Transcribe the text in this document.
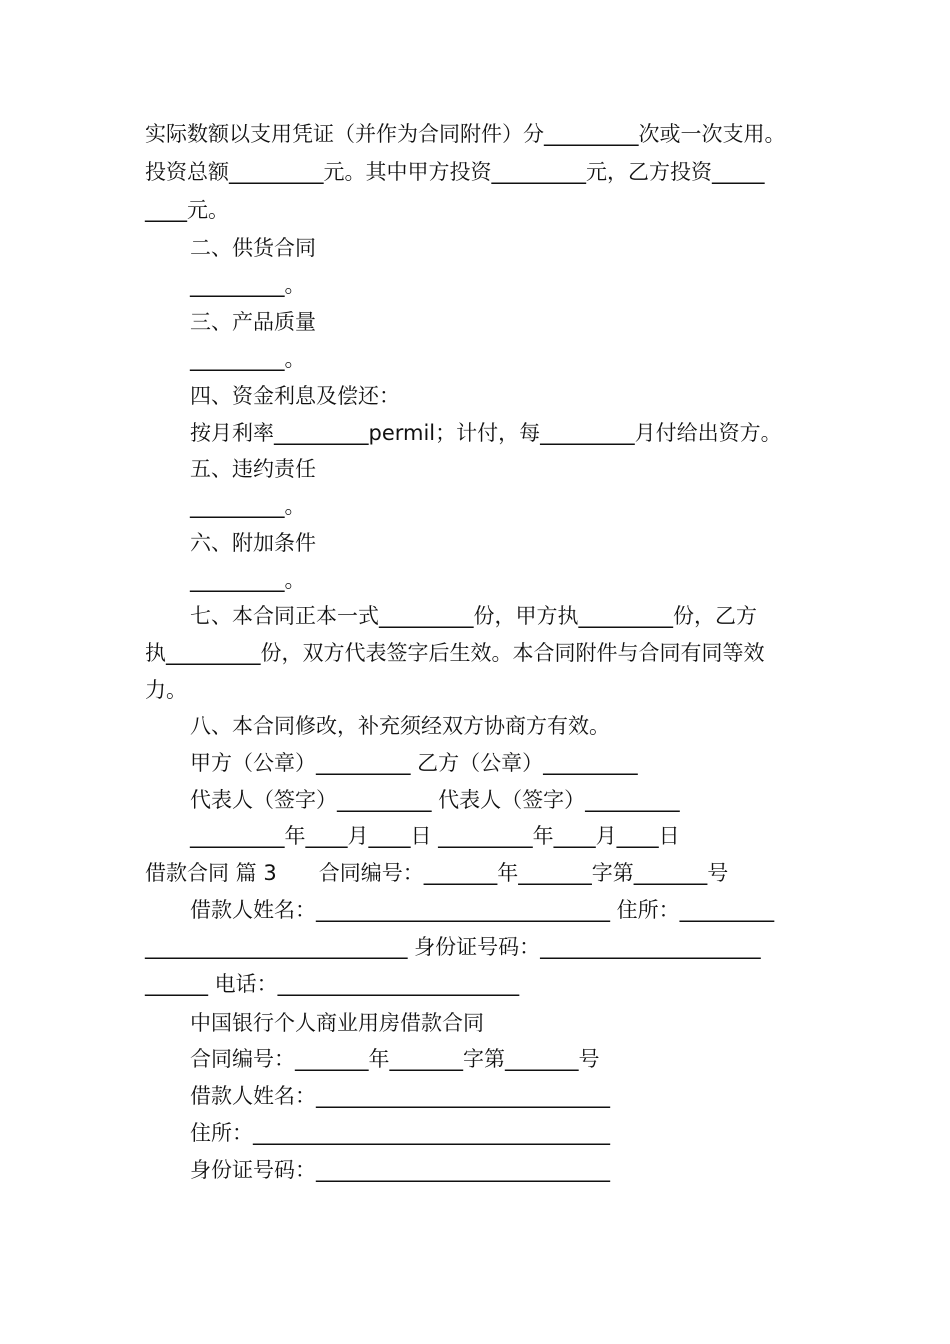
实际数额以支用凭证（并作为合同附件）分_________次或一次支用。
投资总额_________元。其中甲方投资_________元，乙方投资_____
____元。
二、供货合同
_________。
三、产品质量
_________。
四、资金利息及偿还：
按月利率_________permil；计付，每_________月付给出资方。
五、违约责任
_________。
六、附加条件
_________。
七、本合同正本一式_________份，甲方执_________份，乙方
执_________份，双方代表签字后生效。本合同附件与合同有同等效
力。
八、本合同修改，补充须经双方协商方有效。
甲方（公章）_________ 乙方（公章）_________
代表人（签字）_________ 代表人（签字）_________
_________年____月____日 _________年____月____日
借款合同 篇 3　　合同编号：_______年_______字第_______号
借款人姓名：____________________________ 住所：_________
_________________________ 身份证号码：_____________________
______ 电话：_______________________
中国银行个人商业用房借款合同
合同编号：_______年_______字第_______号
借款人姓名：____________________________
住所：__________________________________
身份证号码：____________________________
